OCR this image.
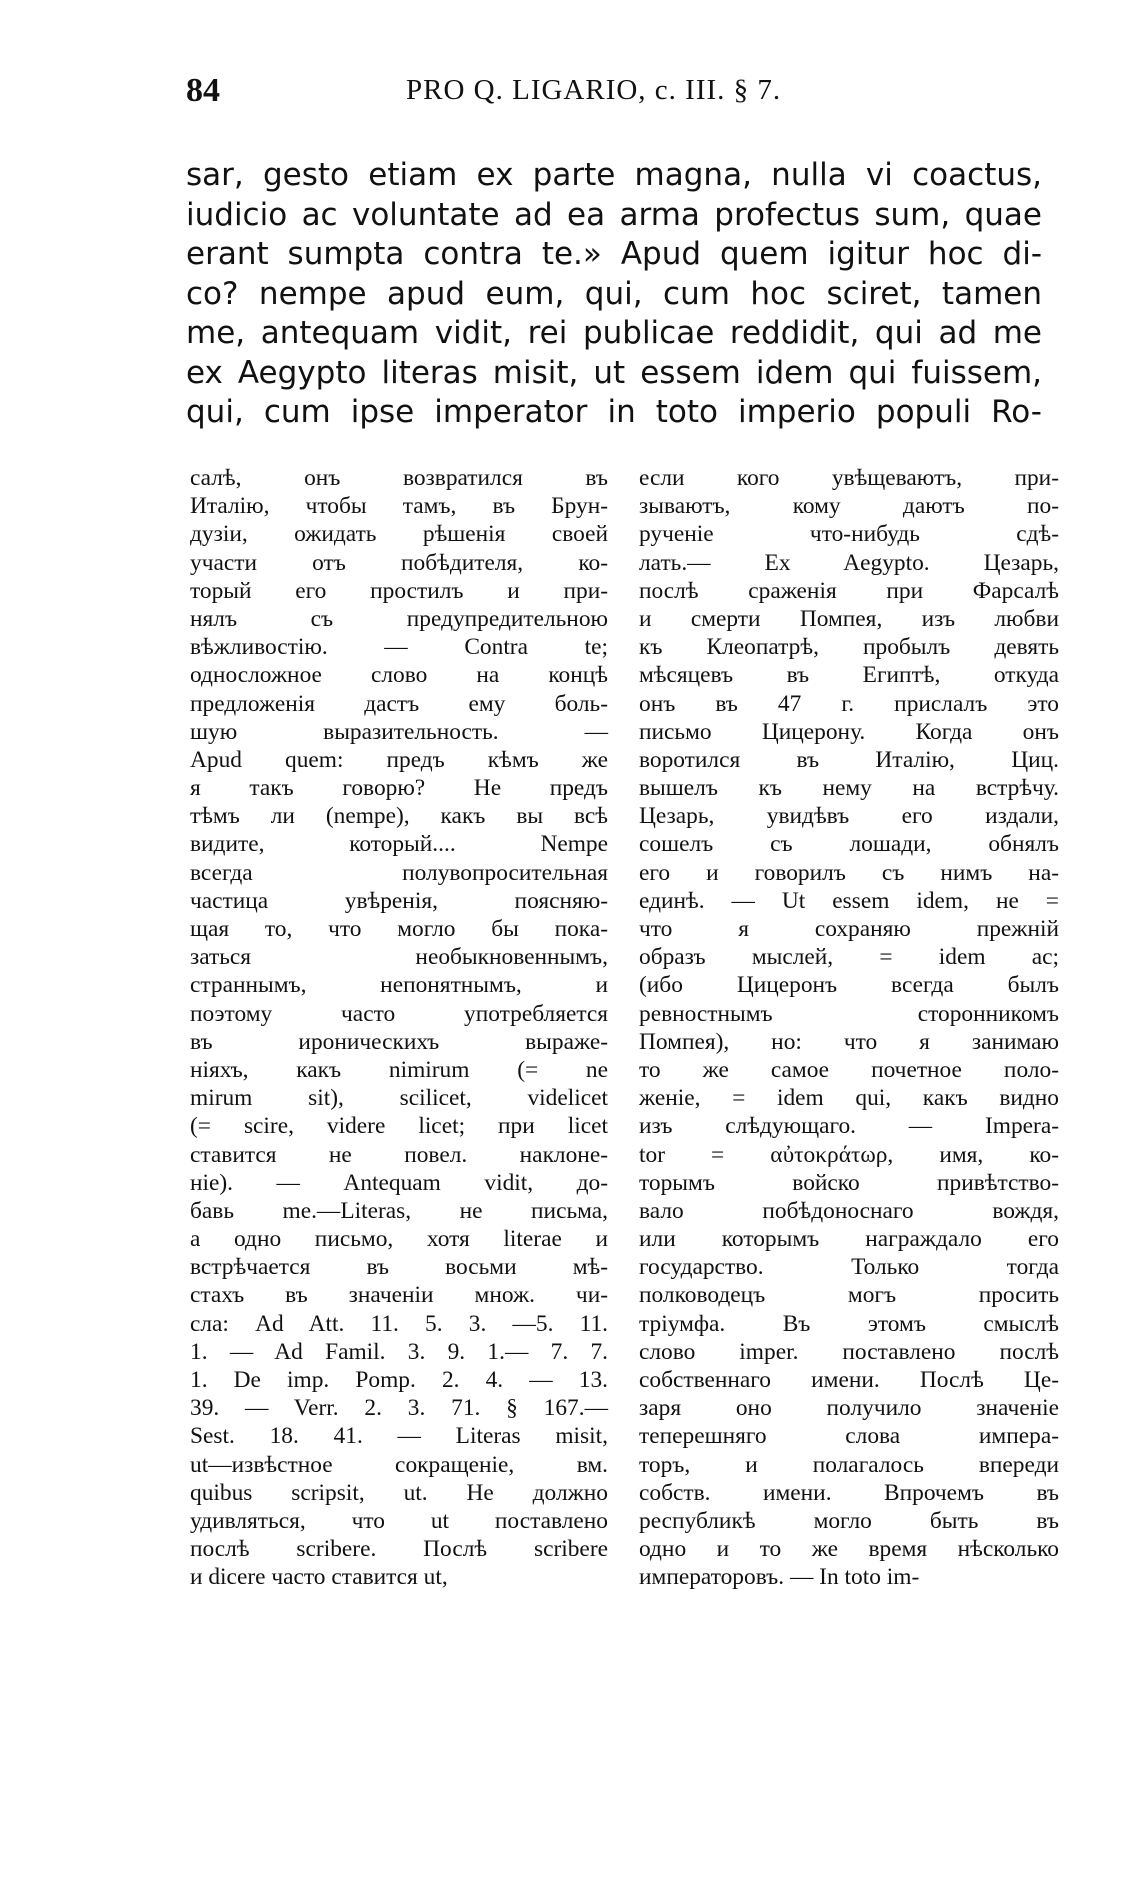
84	PRO Q. LIGARIO, c. III. § 7.
sar, gesto etiam ex parte magna, nulla vi coactus,
iudicio ac voluntate ad ea arma profectus sum, quae
erant sumpta contra te.» Apud quem igitur hoc di-
co? nempe apud eum, qui, cum hoc sciret, tamen
me, antequam vidit, rei publicae reddidit, qui ad me
ex Aegypto literas misit, ut essem idem qui fuissem,
qui, cum ipse imperator in toto imperio populi Ro-
салѣ, онъ возвратился въ
Италію, чтобы тамъ, въ Брун-
дузіи, ожидать рѣшенія своей
участи отъ побѣдителя, ко-
торый его простилъ и при-
нялъ съ предупредительною
вѣжливостію. — Contra te;
односложное слово на концѣ
предложенія дастъ ему боль-
шую выразительность. —
Apud quem: предъ кѣмъ же
я такъ говорю? Не предъ
тѣмъ ли (nempe), какъ вы всѣ
видите, который.... Nempe
всегда полувопросительная
частица увѣренія, поясняю-
щая то, что могло бы пока-
заться необыкновеннымъ,
страннымъ, непонятнымъ, и
поэтому часто употребляется
въ ироническихъ выраже-
ніяхъ, какъ nimirum (= ne
mirum sit), scilicet, videlicet
(= scire, videre licet; при licet
ставится не повел. наклоне-
ніе). — Antequam vidit, до-
бавь me.—Literas, не письма,
а одно письмо, хотя literae и
встрѣчается въ восьми мѣ-
стахъ въ значеніи множ. чи-
сла: Ad Att. 11. 5. 3. —5. 11.
1. — Ad Famil. 3. 9. 1.— 7. 7.
1. De imp. Pomp. 2. 4. — 13.
39. — Verr. 2. 3. 71. § 167.—
Sest. 18. 41. — Literas misit,
ut—извѣстное сокращеніе, вм.
quibus scripsit, ut. Не должно
удивляться, что ut поставлено
послѣ scribere. Послѣ scribere
и dicere часто ставится ut,
если кого увѣщеваютъ, при-
зываютъ, кому даютъ по-
рученіе что-нибудь сдѣ-
лать.— Ex Aegypto. Цезарь,
послѣ сраженія при Фарсалѣ
и смерти Помпея, изъ любви
къ Клеопатрѣ, пробылъ девять
мѣсяцевъ въ Египтѣ, откуда
онъ въ 47 г. прислалъ это
письмо Цицерону. Когда онъ
воротился въ Италію, Циц.
вышелъ къ нему на встрѣчу.
Цезарь, увидѣвъ его издали,
сошелъ съ лошади, обнялъ
его и говорилъ съ нимъ на-
единѣ. — Ut essem idem, не =
что я сохраняю прежній
образъ мыслей, = idem ac;
(ибо Цицеронъ всегда былъ
ревностнымъ сторонникомъ
Помпея), но: что я занимаю
то же самое почетное поло-
женіе, = idem qui, какъ видно
изъ слѣдующаго. — Impera-
tor = αὐτοκράτωρ, имя, ко-
торымъ войско привѣтство-
вало побѣдоноснаго вождя,
или которымъ награждало его
государство. Только тогда
полководецъ могъ просить
тріумфа. Въ этомъ смыслѣ
слово imper. поставлено послѣ
собственнаго имени. Послѣ Це-
заря оно получило значеніе
теперешняго слова импера-
торъ, и полагалось впереди
собств. имени. Впрочемъ въ
республикѣ могло быть въ
одно и то же время нѣсколько
императоровъ. — In toto im-
